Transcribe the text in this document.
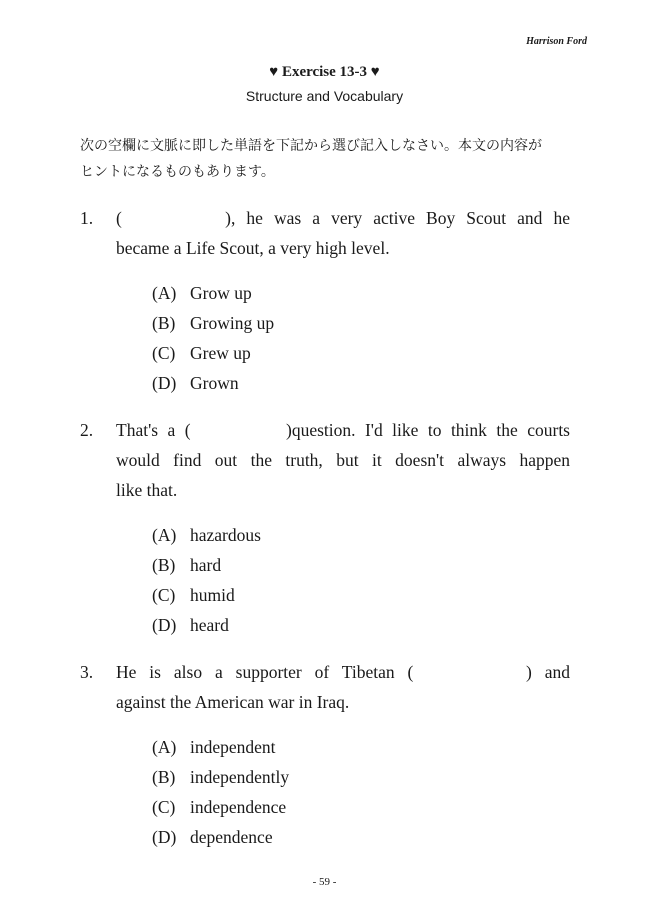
Harrison Ford
♥ Exercise 13-3 ♥
Structure and Vocabulary
次の空欄に文脈に即した単語を下記から選び記入しなさい。本文の内容が
ヒントになるものもあります。
1.	(　　　　), he was a very active Boy Scout and he
became a Life Scout, a very high level.
(A) Grow up
(B) Growing up
(C) Grew up
(D) Grown
2.	That's a (　　　　)question. I'd like to think the courts
would find out the truth, but it doesn't always happen
like that.
(A) hazardous
(B) hard
(C) humid
(D) heard
3.	He is also a supporter of Tibetan (　　　　) and
against the American war in Iraq.
(A) independent
(B) independently
(C) independence
(D) dependence
- 59 -
